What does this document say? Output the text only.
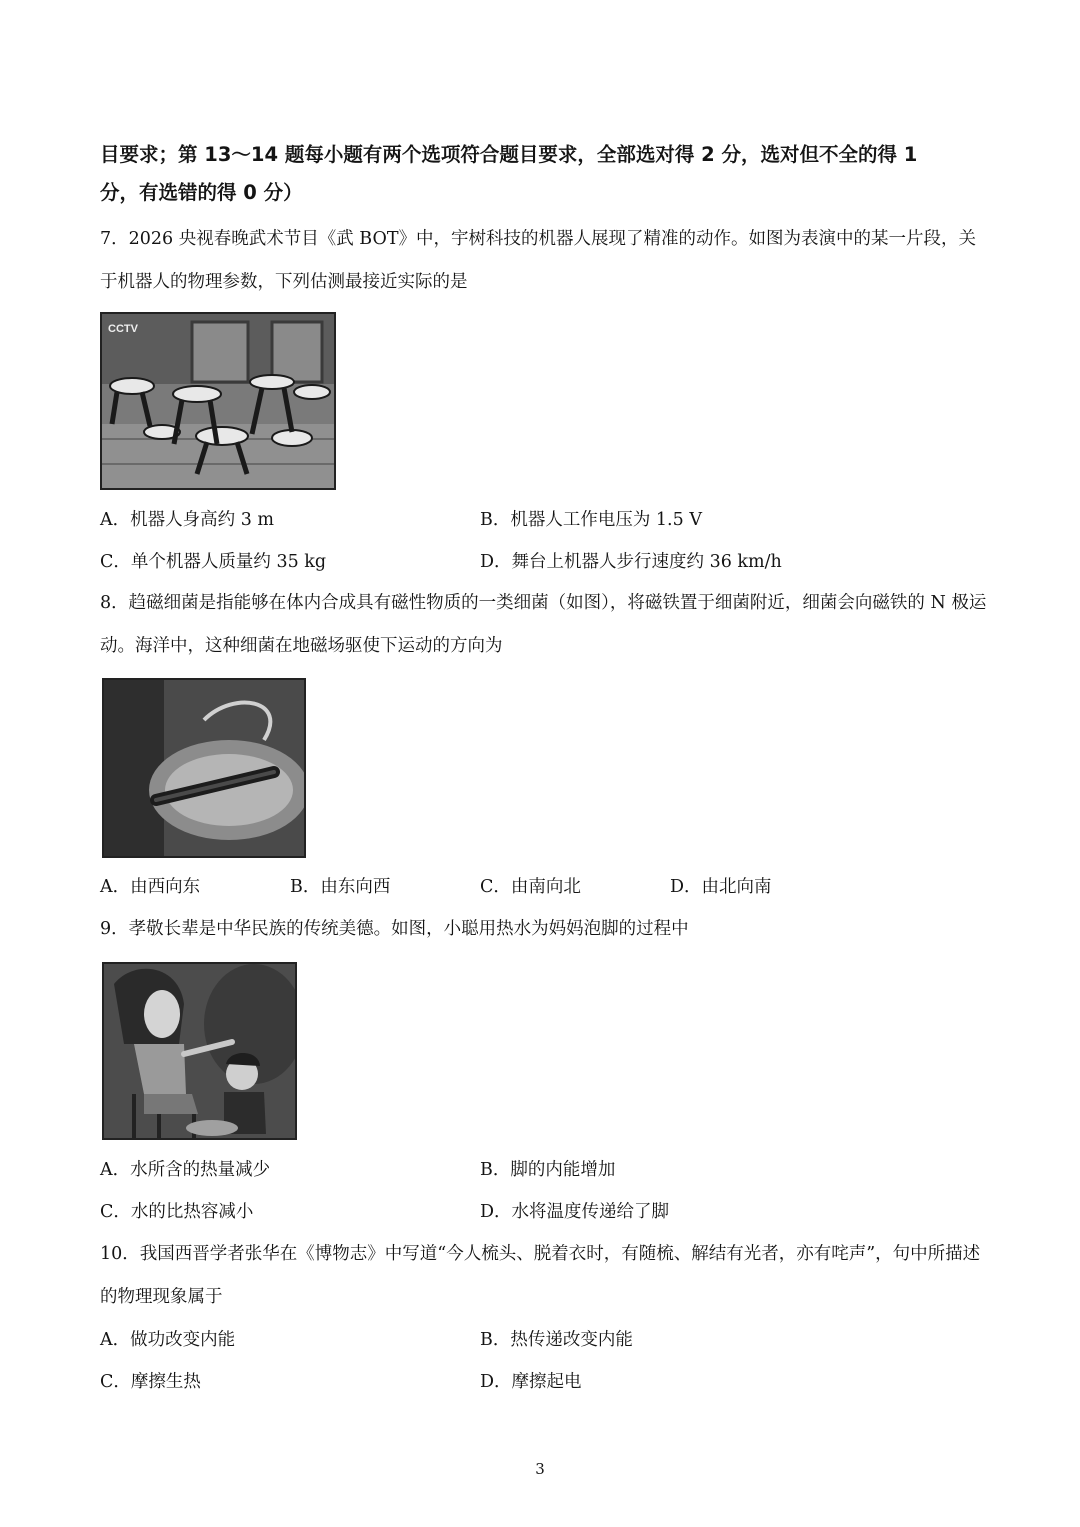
目要求；第 13～14 题每小题有两个选项符合题目要求，全部选对得 2 分，选对但不全的得 1
分，有选错的得 0 分）

7．2026 央视春晚武术节目《武 BOT》中，宇树科技的机器人展现了精准的动作。如图为表演中的某一片段，关于机器人的物理参数，下列估测最接近实际的是

CCTV

A．机器人身高约 3 m	B．机器人工作电压为 1.5 V

C．单个机器人质量约 35 kg	D．舞台上机器人步行速度约 36 km/h

8．趋磁细菌是指能够在体内合成具有磁性物质的一类细菌（如图），将磁铁置于细菌附近，细菌会向磁铁的 N 极运动。海洋中，这种细菌在地磁场驱使下运动的方向为

A．由西向东	B．由东向西	C．由南向北	D．由北向南

9．孝敬长辈是中华民族的传统美德。如图，小聪用热水为妈妈泡脚的过程中

A．水所含的热量减少	B．脚的内能增加

C．水的比热容减小	D．水将温度传递给了脚

10．我国西晋学者张华在《博物志》中写道“今人梳头、脱着衣时，有随梳、解结有光者，亦有咤声”，句中所描述的物理现象属于

A．做功改变内能	B．热传递改变内能

C．摩擦生热	D．摩擦起电

3
